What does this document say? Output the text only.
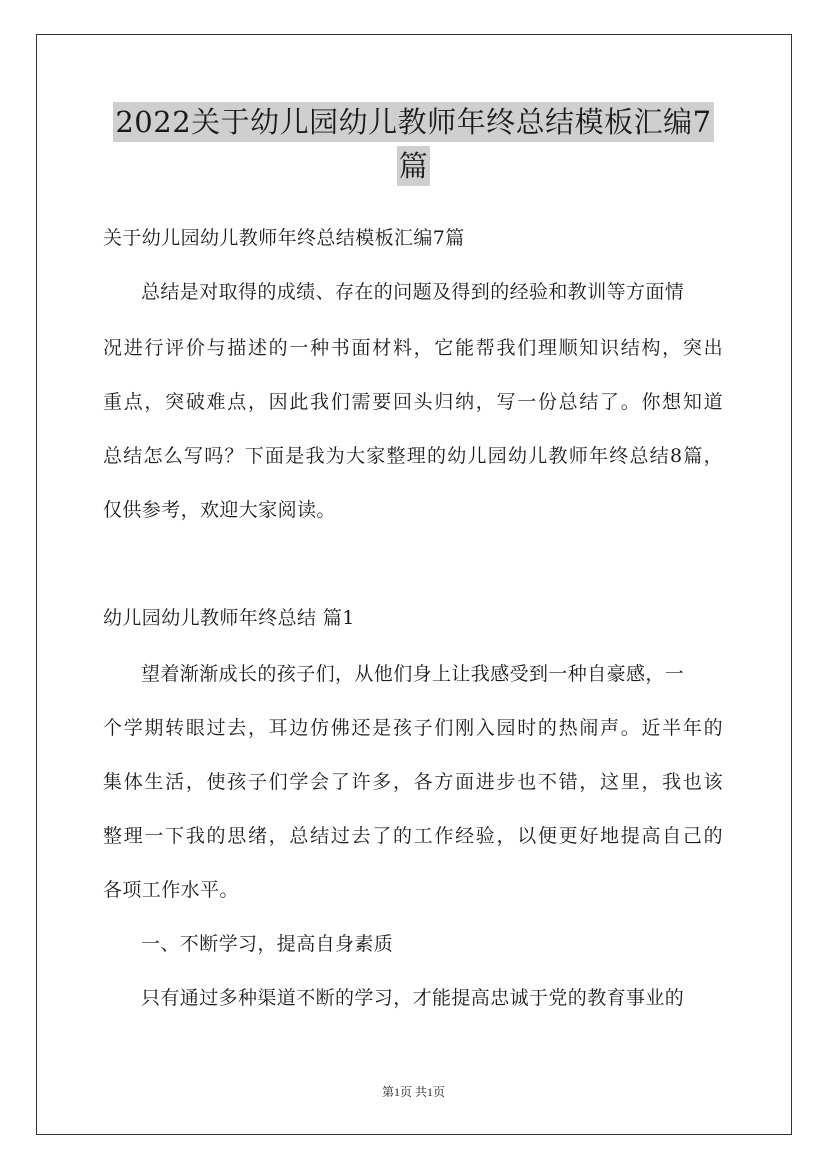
2022关于幼儿园幼儿教师年终总结模板汇编7
篇
关于幼儿园幼儿教师年终总结模板汇编7篇
总结是对取得的成绩、存在的问题及得到的经验和教训等方面情
况进行评价与描述的一种书面材料，它能帮我们理顺知识结构，突出
重点，突破难点，因此我们需要回头归纳，写一份总结了。你想知道
总结怎么写吗？下面是我为大家整理的幼儿园幼儿教师年终总结8篇，
仅供参考，欢迎大家阅读。
幼儿园幼儿教师年终总结 篇1
望着渐渐成长的孩子们，从他们身上让我感受到一种自豪感，一
个学期转眼过去，耳边仿佛还是孩子们刚入园时的热闹声。近半年的
集体生活，使孩子们学会了许多，各方面进步也不错，这里，我也该
整理一下我的思绪，总结过去了的工作经验，以便更好地提高自己的
各项工作水平。
一、不断学习，提高自身素质
只有通过多种渠道不断的学习，才能提高忠诚于党的教育事业的
第1页 共1页
